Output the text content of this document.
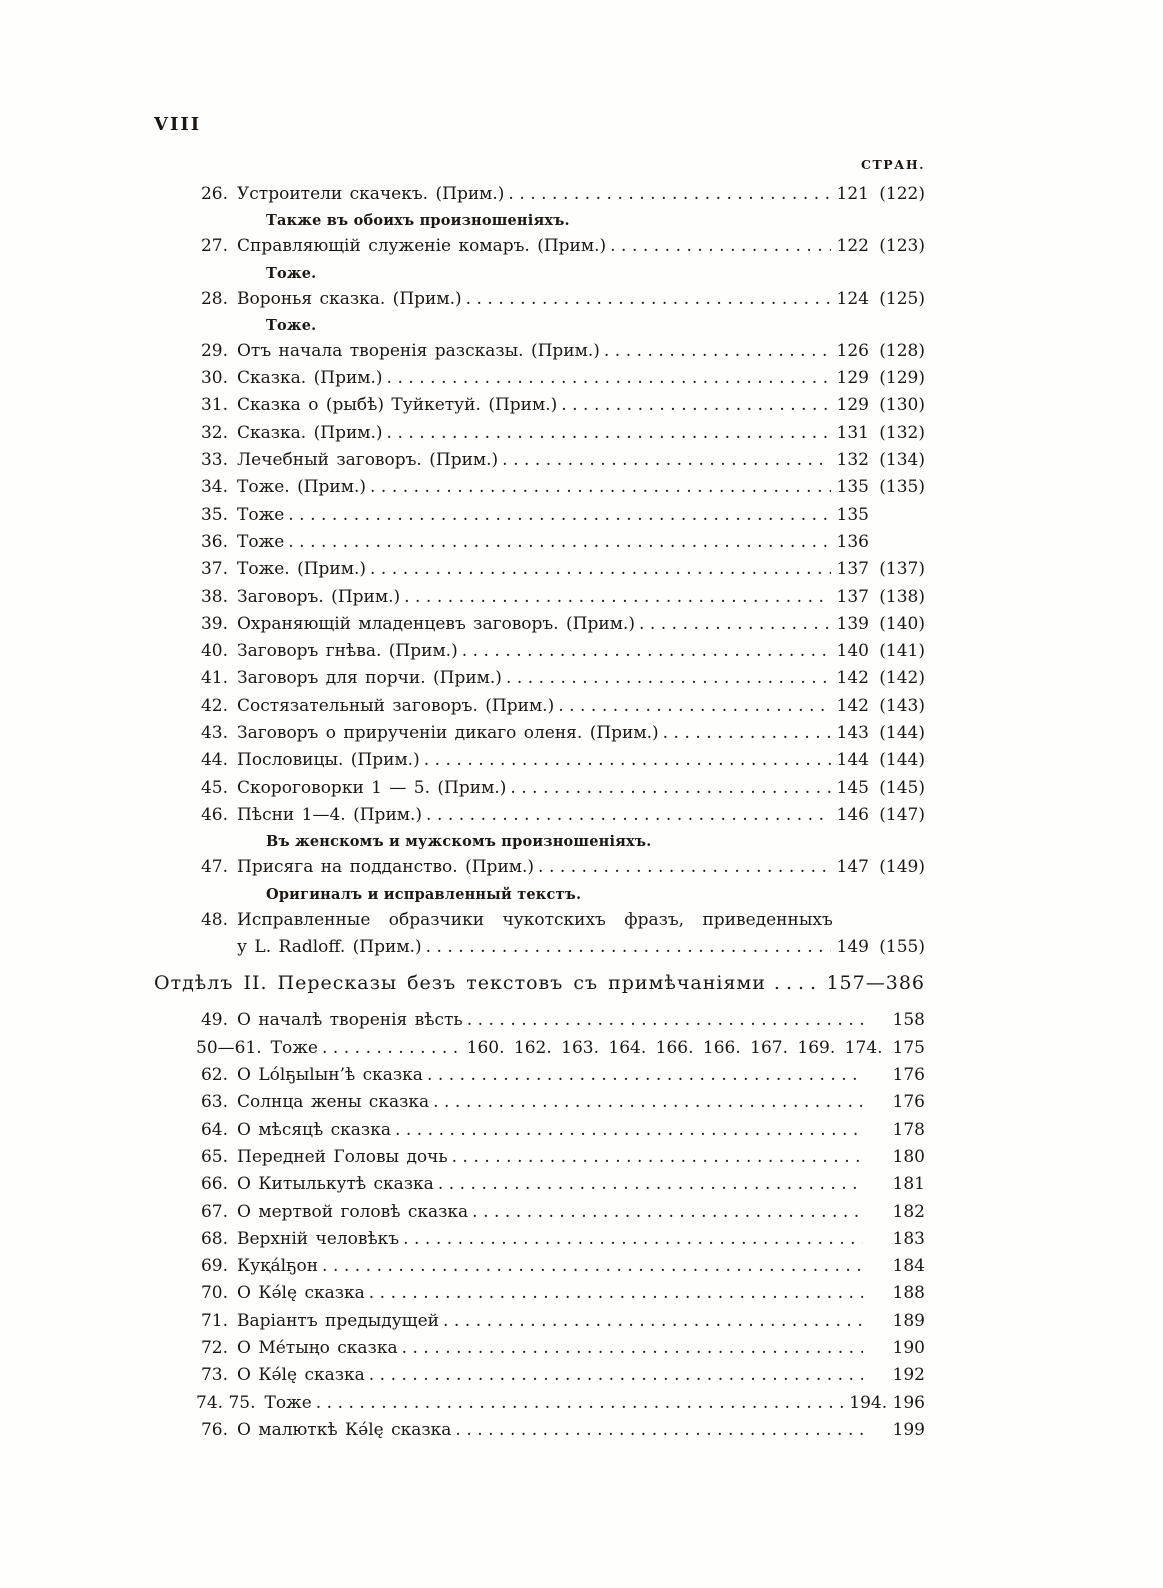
VIII
СТРАН.
26. Устроители скачекъ. (Прим.) .....	121 (122)
Также въ обоихъ произношеніяхъ.
27. Справляющій служеніе комаръ. (Прим.) .....	122 (123)
Тоже.
28. Воронья сказка. (Прим.) .....	124 (125)
Тоже.
29. Отъ начала творенія разсказы. (Прим.) .....	126 (128)
30. Сказка. (Прим.) .....	129 (129)
31. Сказка о (рыбѣ) Туйкетуй. (Прим.) .....	129 (130)
32. Сказка. (Прим.) .....	131 (132)
33. Лечебный заговоръ. (Прим.) .....	132 (134)
34. Тоже. (Прим.) .....	135 (135)
35. Тоже .....	135
36. Тоже .....	136
37. Тоже. (Прим.) .....	137 (137)
38. Заговоръ. (Прим.) .....	137 (138)
39. Охраняющій младенцевъ заговоръ. (Прим.) .....	139 (140)
40. Заговоръ гнѣва. (Прим.) .....	140 (141)
41. Заговоръ для порчи. (Прим.) .....	142 (142)
42. Состязательный заговоръ. (Прим.) .....	142 (143)
43. Заговоръ о прирученіи дикаго оленя. (Прим.) .....	143 (144)
44. Пословицы. (Прим.) .....	144 (144)
45. Скороговорки 1 — 5. (Прим.) .....	145 (145)
46. Пѣсни 1—4. (Прим.) .....	146 (147)
Въ женскомъ и мужскомъ произношеніяхъ.
47. Присяга на подданство. (Прим.) .....	147 (149)
Оригиналъ и исправленный текстъ.
48. Исправленные образчики чукотскихъ фразъ, приведенныхъ
у L. Radloff. (Прим.) .....	149 (155)
Отдѣлъ II. Пересказы безъ текстовъ съ примѣчаніями .....	157—386
49. О началѣ творенія вѣсть .....	158
50—61. Тоже .....	160. 162. 163. 164. 166. 166. 167. 169. 174. 175
62. О Lólҕыlын’ѣ сказка .....	176
63. Солнца жены сказка .....	176
64. О мѣсяцѣ сказка .....	178
65. Передней Головы дочь .....	180
66. О Китылькутѣ сказка .....	181
67. О мертвой головѣ сказка .....	182
68. Верхній человѣкъ .....	183
69. Куқа́lҕон .....	184
70. О Кə́lę сказка .....	188
71. Варіантъ предыдущей .....	189
72. О Ме́тыңо сказка .....	190
73. О Кə́lę сказка .....	192
74. 75. Тоже .....	194. 196
76. О малюткѣ Кə́lę сказка .....	199
